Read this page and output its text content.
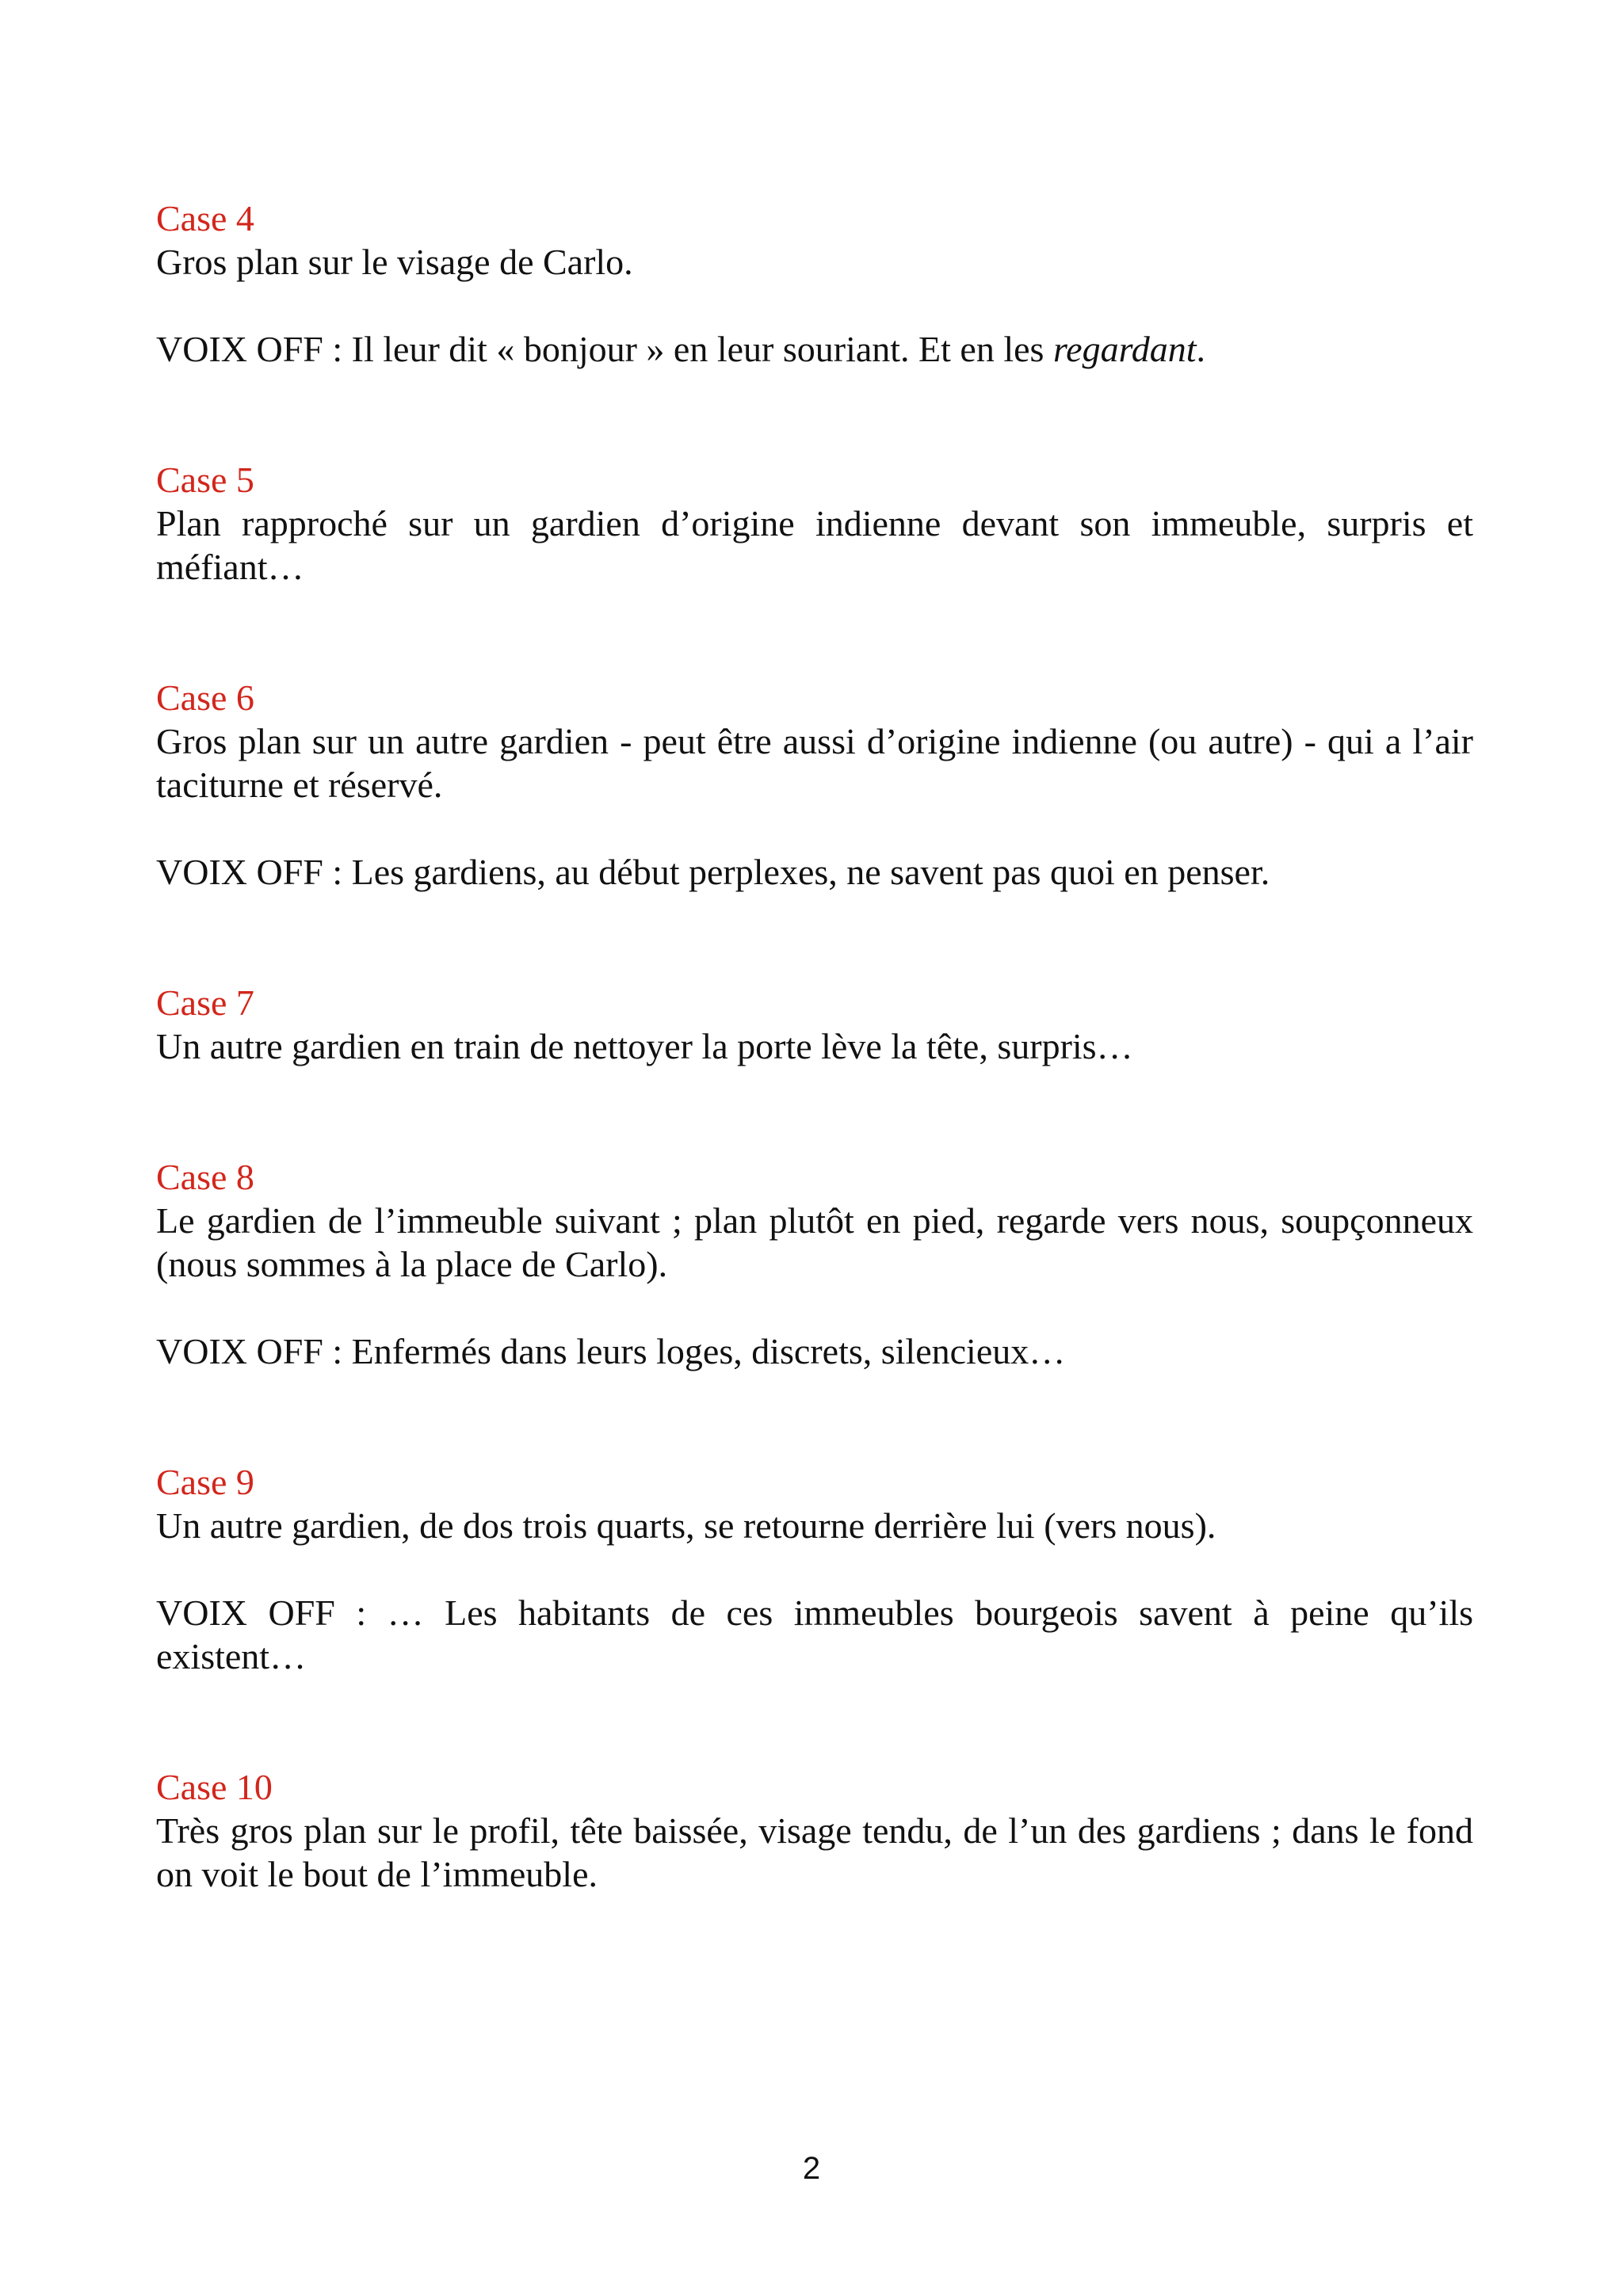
Case 4

Gros plan sur le visage de Carlo.

VOIX OFF : Il leur dit « bonjour » en leur souriant. Et en les regardant.

Case 5

Plan rapproché sur un gardien d’origine indienne devant son immeuble, surpris et méfiant…

Case 6

Gros plan sur un autre gardien - peut être aussi d’origine indienne (ou autre) - qui a l’air taciturne et réservé.

VOIX OFF : Les gardiens, au début perplexes, ne savent pas quoi en penser.

Case 7

Un autre gardien en train de nettoyer la porte lève la tête, surpris…

Case 8

Le gardien de l’immeuble suivant ; plan plutôt en pied, regarde vers nous, soupçonneux (nous sommes à la place de Carlo).

VOIX OFF : Enfermés dans leurs loges, discrets, silencieux…

Case 9

Un autre gardien, de dos trois quarts, se retourne derrière lui (vers nous).

VOIX OFF : … Les habitants de ces immeubles bourgeois savent à peine qu’ils existent…

Case 10

Très gros plan sur le profil, tête baissée, visage tendu, de l’un des gardiens ; dans le fond on voit le bout de l’immeuble.

2
